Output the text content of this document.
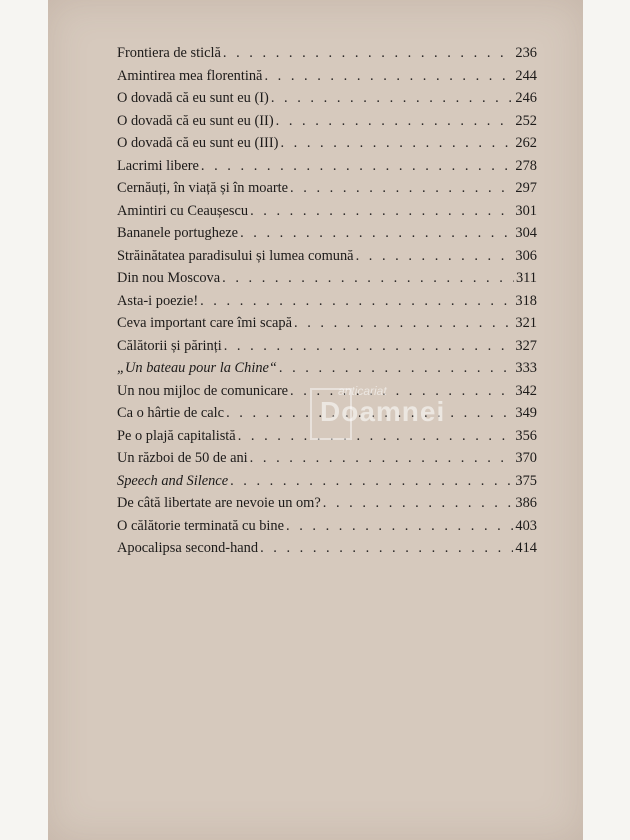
Frontiera de sticlă . . .	236
Amintirea mea florentină . . .	244
O dovadă că eu sunt eu (I) . . .	246
O dovadă că eu sunt eu (II) . . .	252
O dovadă că eu sunt eu (III) . . .	262
Lacrimi libere . . .	278
Cernăuți, în viață și în moarte . . .	297
Amintiri cu Ceaușescu . . .	301
Bananele portugheze . . .	304
Străinătatea paradisului și lumea comună . . .	306
Din nou Moscova . . .	311
Asta-i poezie! . . .	318
Ceva important care îmi scapă . . .	321
Călătorii și părinți . . .	327
„Un bateau pour la Chine“ . . .	333
Un nou mijloc de comunicare . . .	342
Ca o hârtie de calc . . .	349
Pe o plajă capitalistă . . .	356
Un război de 50 de ani . . .	370
Speech and Silence . . .	375
De câtă libertate are nevoie un om? . . .	386
O călătorie terminată cu bine . . .	403
Apocalipsa second-hand . . .	414
anticariat
Doamnei
